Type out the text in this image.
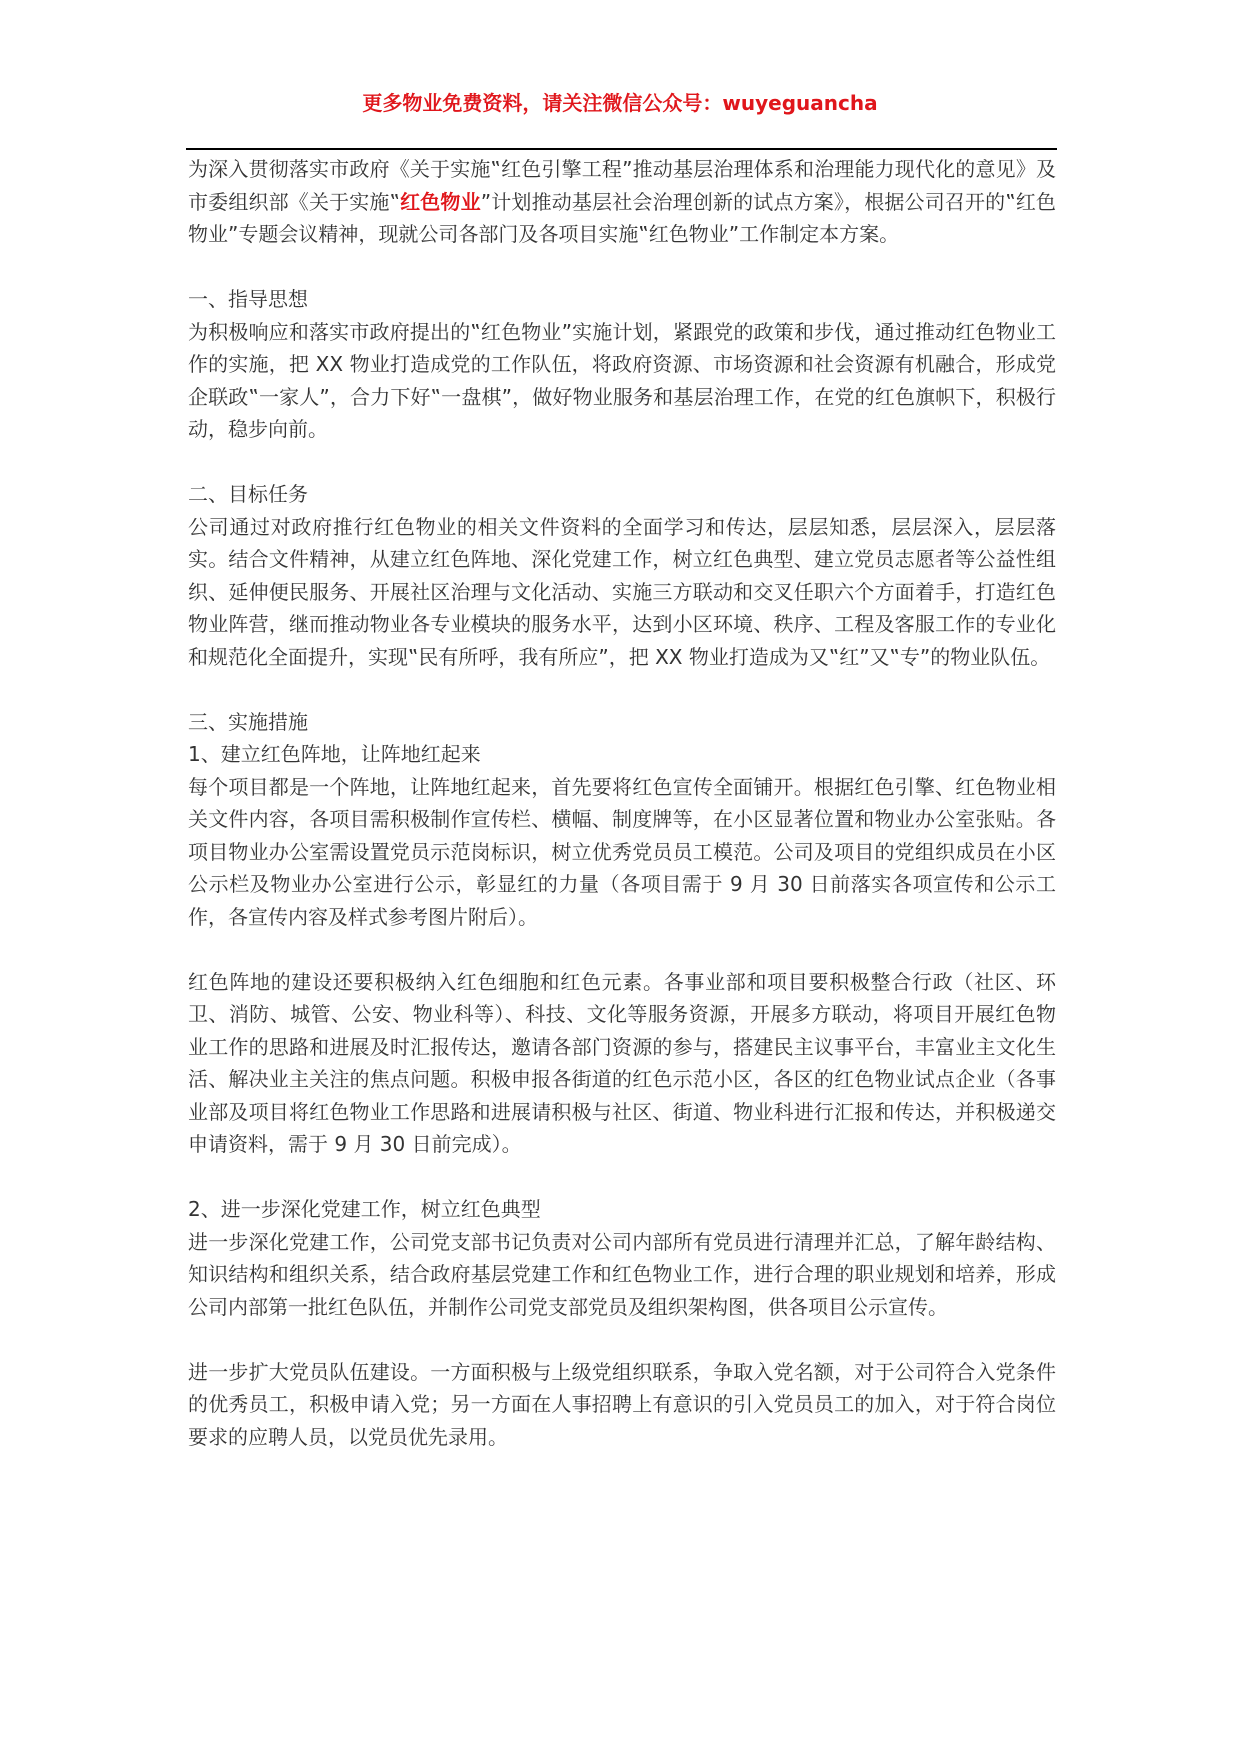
更多物业免费资料，请关注微信公众号：wuyeguancha

为深入贯彻落实市政府《关于实施‟红色引擎工程”推动基层治理体系和治理能力现代化的意见》及市委组织部《关于实施‟红色物业”计划推动基层社会治理创新的试点方案》，根据公司召开的‟红色物业”专题会议精神，现就公司各部门及各项目实施‟红色物业”工作制定本方案。

一、指导思想

为积极响应和落实市政府提出的‟红色物业”实施计划，紧跟党的政策和步伐，通过推动红色物业工作的实施，把 XX 物业打造成党的工作队伍，将政府资源、市场资源和社会资源有机融合，形成党企联政‟一家人”，合力下好‟一盘棋”，做好物业服务和基层治理工作，在党的红色旗帜下，积极行动，稳步向前。

二、目标任务

公司通过对政府推行红色物业的相关文件资料的全面学习和传达，层层知悉，层层深入，层层落实。结合文件精神，从建立红色阵地、深化党建工作，树立红色典型、建立党员志愿者等公益性组织、延伸便民服务、开展社区治理与文化活动、实施三方联动和交叉任职六个方面着手，打造红色物业阵营，继而推动物业各专业模块的服务水平，达到小区环境、秩序、工程及客服工作的专业化和规范化全面提升，实现‟民有所呼，我有所应”，把 XX 物业打造成为又‟红”又‟专”的物业队伍。

三、实施措施

1、建立红色阵地，让阵地红起来

每个项目都是一个阵地，让阵地红起来，首先要将红色宣传全面铺开。根据红色引擎、红色物业相关文件内容，各项目需积极制作宣传栏、横幅、制度牌等，在小区显著位置和物业办公室张贴。各项目物业办公室需设置党员示范岗标识，树立优秀党员员工模范。公司及项目的党组织成员在小区公示栏及物业办公室进行公示，彰显红的力量（各项目需于 9 月 30 日前落实各项宣传和公示工作，各宣传内容及样式参考图片附后）。

红色阵地的建设还要积极纳入红色细胞和红色元素。各事业部和项目要积极整合行政（社区、环卫、消防、城管、公安、物业科等）、科技、文化等服务资源，开展多方联动，将项目开展红色物业工作的思路和进展及时汇报传达，邀请各部门资源的参与，搭建民主议事平台，丰富业主文化生活、解决业主关注的焦点问题。积极申报各街道的红色示范小区，各区的红色物业试点企业（各事业部及项目将红色物业工作思路和进展请积极与社区、街道、物业科进行汇报和传达，并积极递交申请资料，需于 9 月 30 日前完成）。

2、进一步深化党建工作，树立红色典型

进一步深化党建工作，公司党支部书记负责对公司内部所有党员进行清理并汇总，了解年龄结构、知识结构和组织关系，结合政府基层党建工作和红色物业工作，进行合理的职业规划和培养，形成公司内部第一批红色队伍，并制作公司党支部党员及组织架构图，供各项目公示宣传。

进一步扩大党员队伍建设。一方面积极与上级党组织联系，争取入党名额，对于公司符合入党条件的优秀员工，积极申请入党；另一方面在人事招聘上有意识的引入党员员工的加入，对于符合岗位要求的应聘人员，以党员优先录用。
